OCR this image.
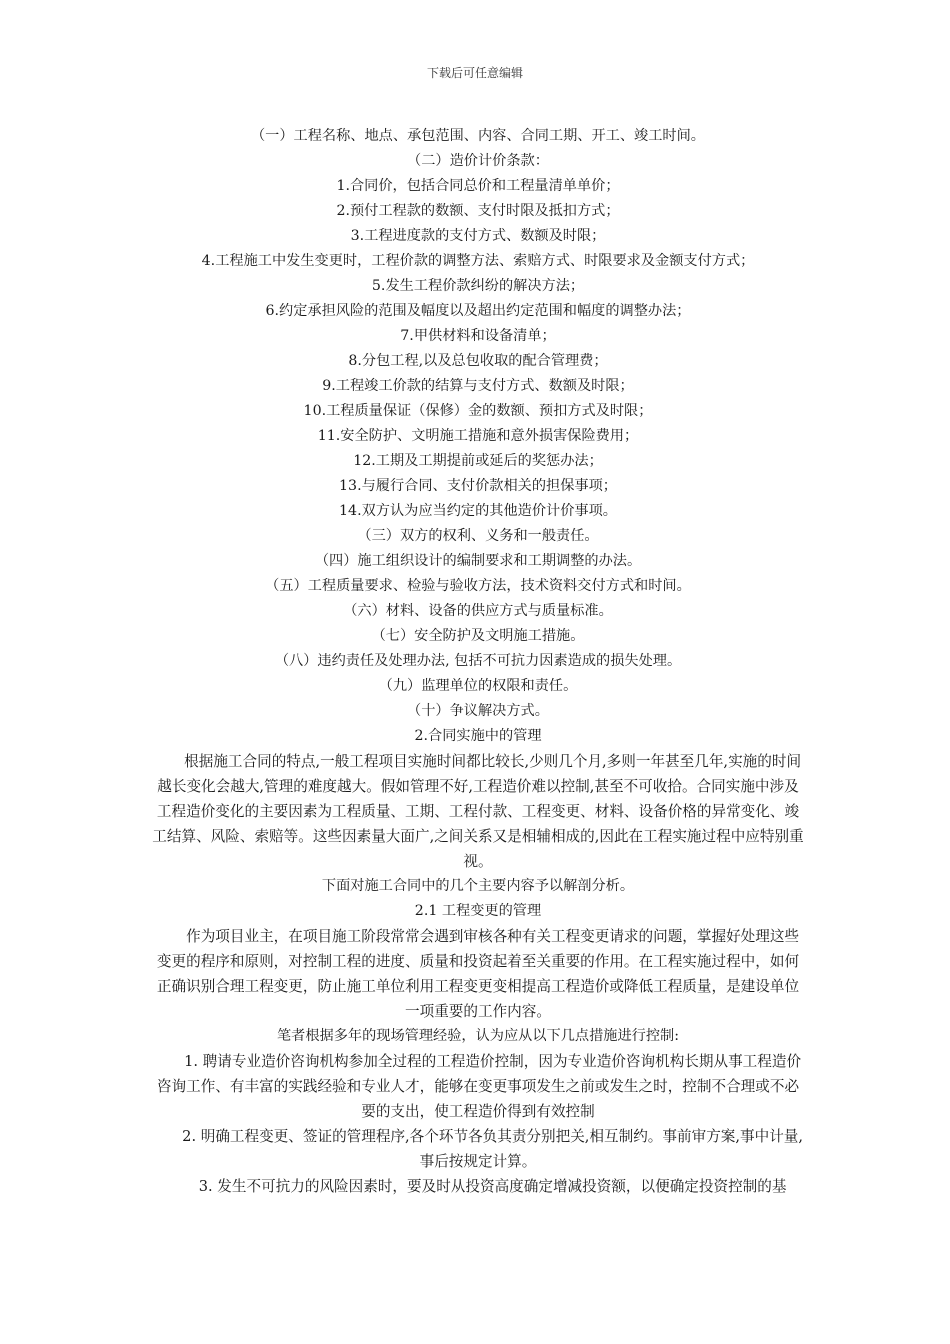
下载后可任意编辑
（一）工程名称、地点、承包范围、内容、合同工期、开工、竣工时间。
（二）造价计价条款：
1.合同价，包括合同总价和工程量清单单价；
2.预付工程款的数额、支付时限及抵扣方式；
3.工程进度款的支付方式、数额及时限；
4.工程施工中发生变更时，工程价款的调整方法、索赔方式、时限要求及金额支付方式；
5.发生工程价款纠纷的解决方法；
6.约定承担风险的范围及幅度以及超出约定范围和幅度的调整办法；
7.甲供材料和设备清单；
8.分包工程,以及总包收取的配合管理费；
9.工程竣工价款的结算与支付方式、数额及时限；
10.工程质量保证（保修）金的数额、预扣方式及时限；
11.安全防护、文明施工措施和意外损害保险费用；
12.工期及工期提前或延后的奖惩办法；
13.与履行合同、支付价款相关的担保事项；
14.双方认为应当约定的其他造价计价事项。
（三）双方的权利、义务和一般责任。
（四）施工组织设计的编制要求和工期调整的办法。
（五）工程质量要求、检验与验收方法，技术资料交付方式和时间。
（六）材料、设备的供应方式与质量标准。
（七）安全防护及文明施工措施。
（八）违约责任及处理办法, 包括不可抗力因素造成的损失处理。
（九）监理单位的权限和责任。
（十）争议解决方式。
2.合同实施中的管理
根据施工合同的特点,一般工程项目实施时间都比较长,少则几个月,多则一年甚至几年,实施的时间越长变化会越大,管理的难度越大。假如管理不好,工程造价难以控制,甚至不可收拾。合同实施中涉及工程造价变化的主要因素为工程质量、工期、工程付款、工程变更、材料、设备价格的异常变化、竣工结算、风险、索赔等。这些因素量大面广,之间关系又是相辅相成的,因此在工程实施过程中应特别重视。
下面对施工合同中的几个主要内容予以解剖分析。
2.1 工程变更的管理
作为项目业主，在项目施工阶段常常会遇到审核各种有关工程变更请求的问题，掌握好处理这些变更的程序和原则，对控制工程的进度、质量和投资起着至关重要的作用。在工程实施过程中，如何正确识别合理工程变更，防止施工单位利用工程变更变相提高工程造价或降低工程质量，是建设单位一项重要的工作内容。
笔者根据多年的现场管理经验，认为应从以下几点措施进行控制:
1. 聘请专业造价咨询机构参加全过程的工程造价控制，因为专业造价咨询机构长期从事工程造价咨询工作、有丰富的实践经验和专业人才，能够在变更事项发生之前或发生之时，控制不合理或不必要的支出，使工程造价得到有效控制
2. 明确工程变更、签证的管理程序,各个环节各负其责分别把关,相互制约。事前审方案,事中计量,事后按规定计算。
3. 发生不可抗力的风险因素时，要及时从投资高度确定增减投资额，以便确定投资控制的基
